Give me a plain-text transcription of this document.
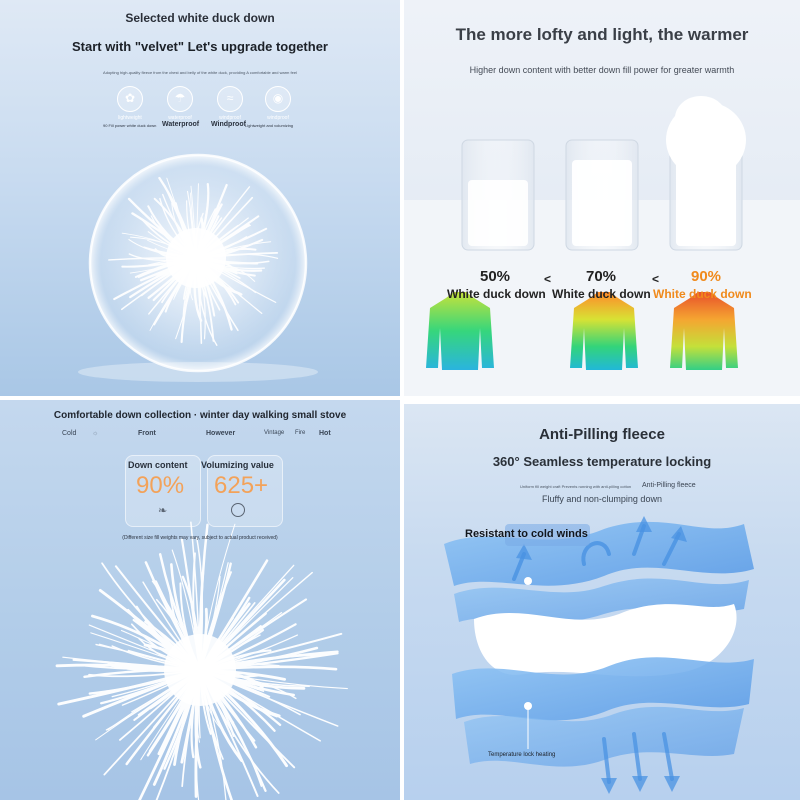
Selected white duck down
Start with "velvet" Let's upgrade together
Adopting high-quality fleece from the chest and belly of the white duck, providing A comfortable and warm feel
✿
lightweight
☂
waterproof
≈
windproof
◉
windproof
90 Fill power white duck down Waterproof Windproof Lightweight and volumizing
The more lofty and light, the warmer
Higher down content with better down fill power for greater warmth
50%
White duck down
< 70%
White duck down
< 90%
White duck down
Comfortable down collection · winter day walking small stove
Cold ☼	Front	However	Vintage Fire Hot
Down content
90%
Volumizing value
625+
❧
(Different size fill weights may vary, subject to actual product received)
Anti-Pilling fleece
360° Seamless temperature locking
Uniform fill weight craft Prevents running with anti-pilling cotton Anti-Pilling fleece
Fluffy and non-clumping down
Resistant to cold winds
Temperature lock heating
